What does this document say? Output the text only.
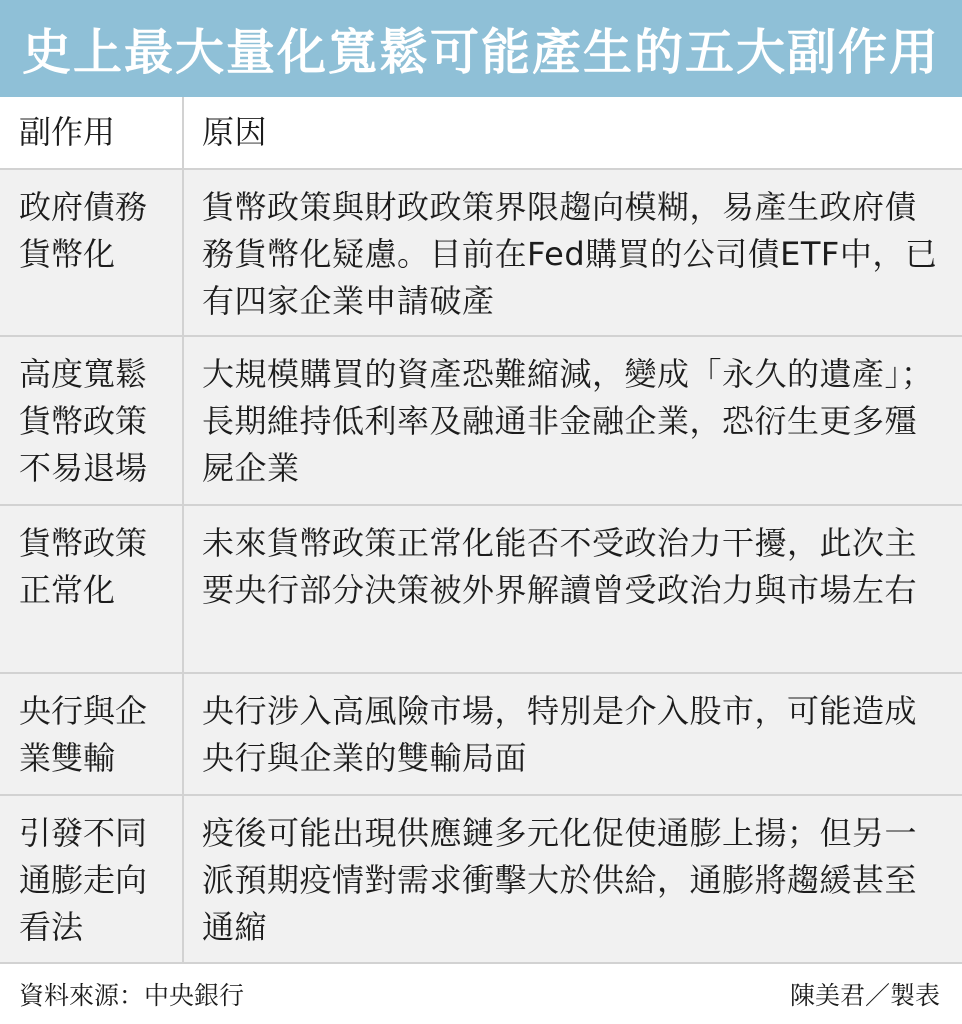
史上最大量化寬鬆可能產生的五大副作用
副作用	原因
政府債務貨幣化
貨幣政策與財政政策界限趨向模糊，易產生政府債務貨幣化疑慮。目前在Fed購買的公司債ETF中，已有四家企業申請破產
高度寬鬆貨幣政策不易退場
大規模購買的資產恐難縮減，變成「永久的遺產」；長期維持低利率及融通非金融企業，恐衍生更多殭屍企業
貨幣政策正常化
未來貨幣政策正常化能否不受政治力干擾，此次主要央行部分決策被外界解讀曾受政治力與市場左右
央行與企業雙輸
央行涉入高風險市場，特別是介入股市，可能造成央行與企業的雙輸局面
引發不同通膨走向看法
疫後可能出現供應鏈多元化促使通膨上揚；但另一派預期疫情對需求衝擊大於供給，通膨將趨緩甚至通縮
資料來源：中央銀行	陳美君／製表
